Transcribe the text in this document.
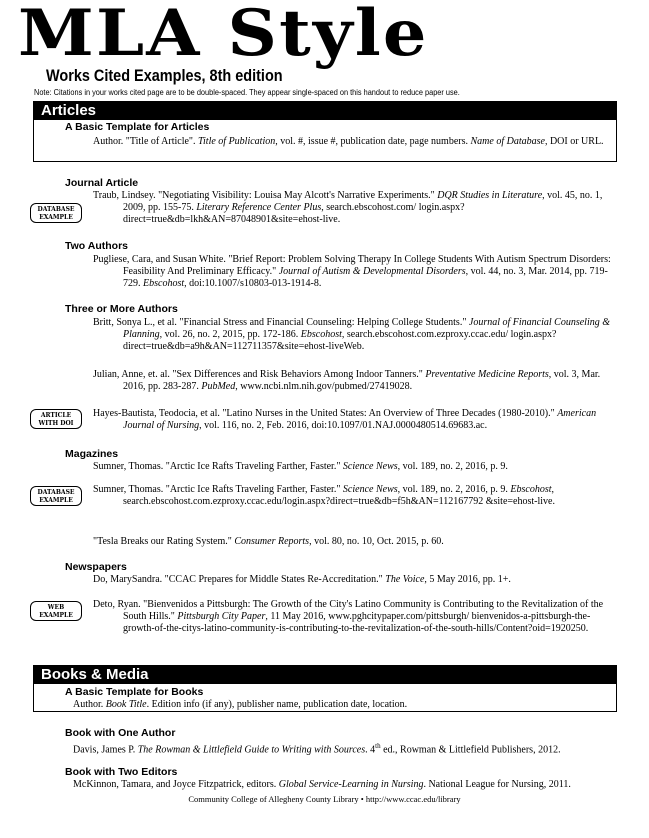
MLA Style
Works Cited Examples, 8th edition
Note: Citations in your works cited page are to be double-spaced. They appear single-spaced on this handout to reduce paper use.
Articles
A Basic Template for Articles
Author. "Title of Article". Title of Publication, vol. #, issue #, publication date, page numbers. Name of Database, DOI or URL.
Journal Article
DATABASE EXAMPLE
Traub, Lindsey. "Negotiating Visibility: Louisa May Alcott's Narrative Experiments." DQR Studies in Literature, vol. 45, no. 1, 2009, pp. 155-75. Literary Reference Center Plus, search.ebscohost.com/ login.aspx?direct=true&db=lkh&AN=87048901&site=ehost-live.
Two Authors
Pugliese, Cara, and Susan White. "Brief Report: Problem Solving Therapy In College Students With Autism Spectrum Disorders: Feasibility And Preliminary Efficacy." Journal of Autism & Developmental Disorders, vol. 44, no. 3, Mar. 2014, pp. 719-729. Ebscohost, doi:10.1007/s10803-013-1914-8.
Three or More Authors
Britt, Sonya L., et al. "Financial Stress and Financial Counseling: Helping College Students." Journal of Financial Counseling & Planning, vol. 26, no. 2, 2015, pp. 172-186. Ebscohost, search.ebscohost.com.ezproxy.ccac.edu/ login.aspx?direct=true&db=a9h&AN=112711357&site=ehost-liveWeb.
Julian, Anne, et. al. "Sex Differences and Risk Behaviors Among Indoor Tanners." Preventative Medicine Reports, vol. 3, Mar. 2016, pp. 283-287. PubMed, www.ncbi.nlm.nih.gov/pubmed/27419028.
ARTICLE WITH DOI
Hayes-Bautista, Teodocia, et al. "Latino Nurses in the United States: An Overview of Three Decades (1980-2010)." American Journal of Nursing, vol. 116, no. 2, Feb. 2016, doi:10.1097/01.NAJ.0000480514.69683.ac.
Magazines
Sumner, Thomas. "Arctic Ice Rafts Traveling Farther, Faster." Science News, vol. 189, no. 2, 2016, p. 9.
DATABASE EXAMPLE
Sumner, Thomas. "Arctic Ice Rafts Traveling Farther, Faster." Science News, vol. 189, no. 2, 2016, p. 9. Ebscohost, search.ebscohost.com.ezproxy.ccac.edu/login.aspx?direct=true&db=f5h&AN=112167792 &site=ehost-live.
"Tesla Breaks our Rating System." Consumer Reports, vol. 80, no. 10, Oct. 2015, p. 60.
Newspapers
Do, MarySandra. "CCAC Prepares for Middle States Re-Accreditation." The Voice, 5 May 2016, pp. 1+.
WEB EXAMPLE
Deto, Ryan. "Bienvenidos a Pittsburgh: The Growth of the City's Latino Community is Contributing to the Revitalization of the South Hills." Pittsburgh City Paper, 11 May 2016, www.pghcitypaper.com/pittsburgh/ bienvenidos-a-pittsburgh-the-growth-of-the-citys-latino-community-is-contributing-to-the-revitalization-of-the-south-hills/Content?oid=1920250.
Books & Media
A Basic Template for Books
Author. Book Title. Edition info (if any), publisher name, publication date, location.
Book with One Author
Davis, James P. The Rowman & Littlefield Guide to Writing with Sources. 4th ed., Rowman & Littlefield Publishers, 2012.
Book with Two Editors
McKinnon, Tamara, and Joyce Fitzpatrick, editors. Global Service-Learning in Nursing. National League for Nursing, 2011.
Community College of Allegheny County Library • http://www.ccac.edu/library
